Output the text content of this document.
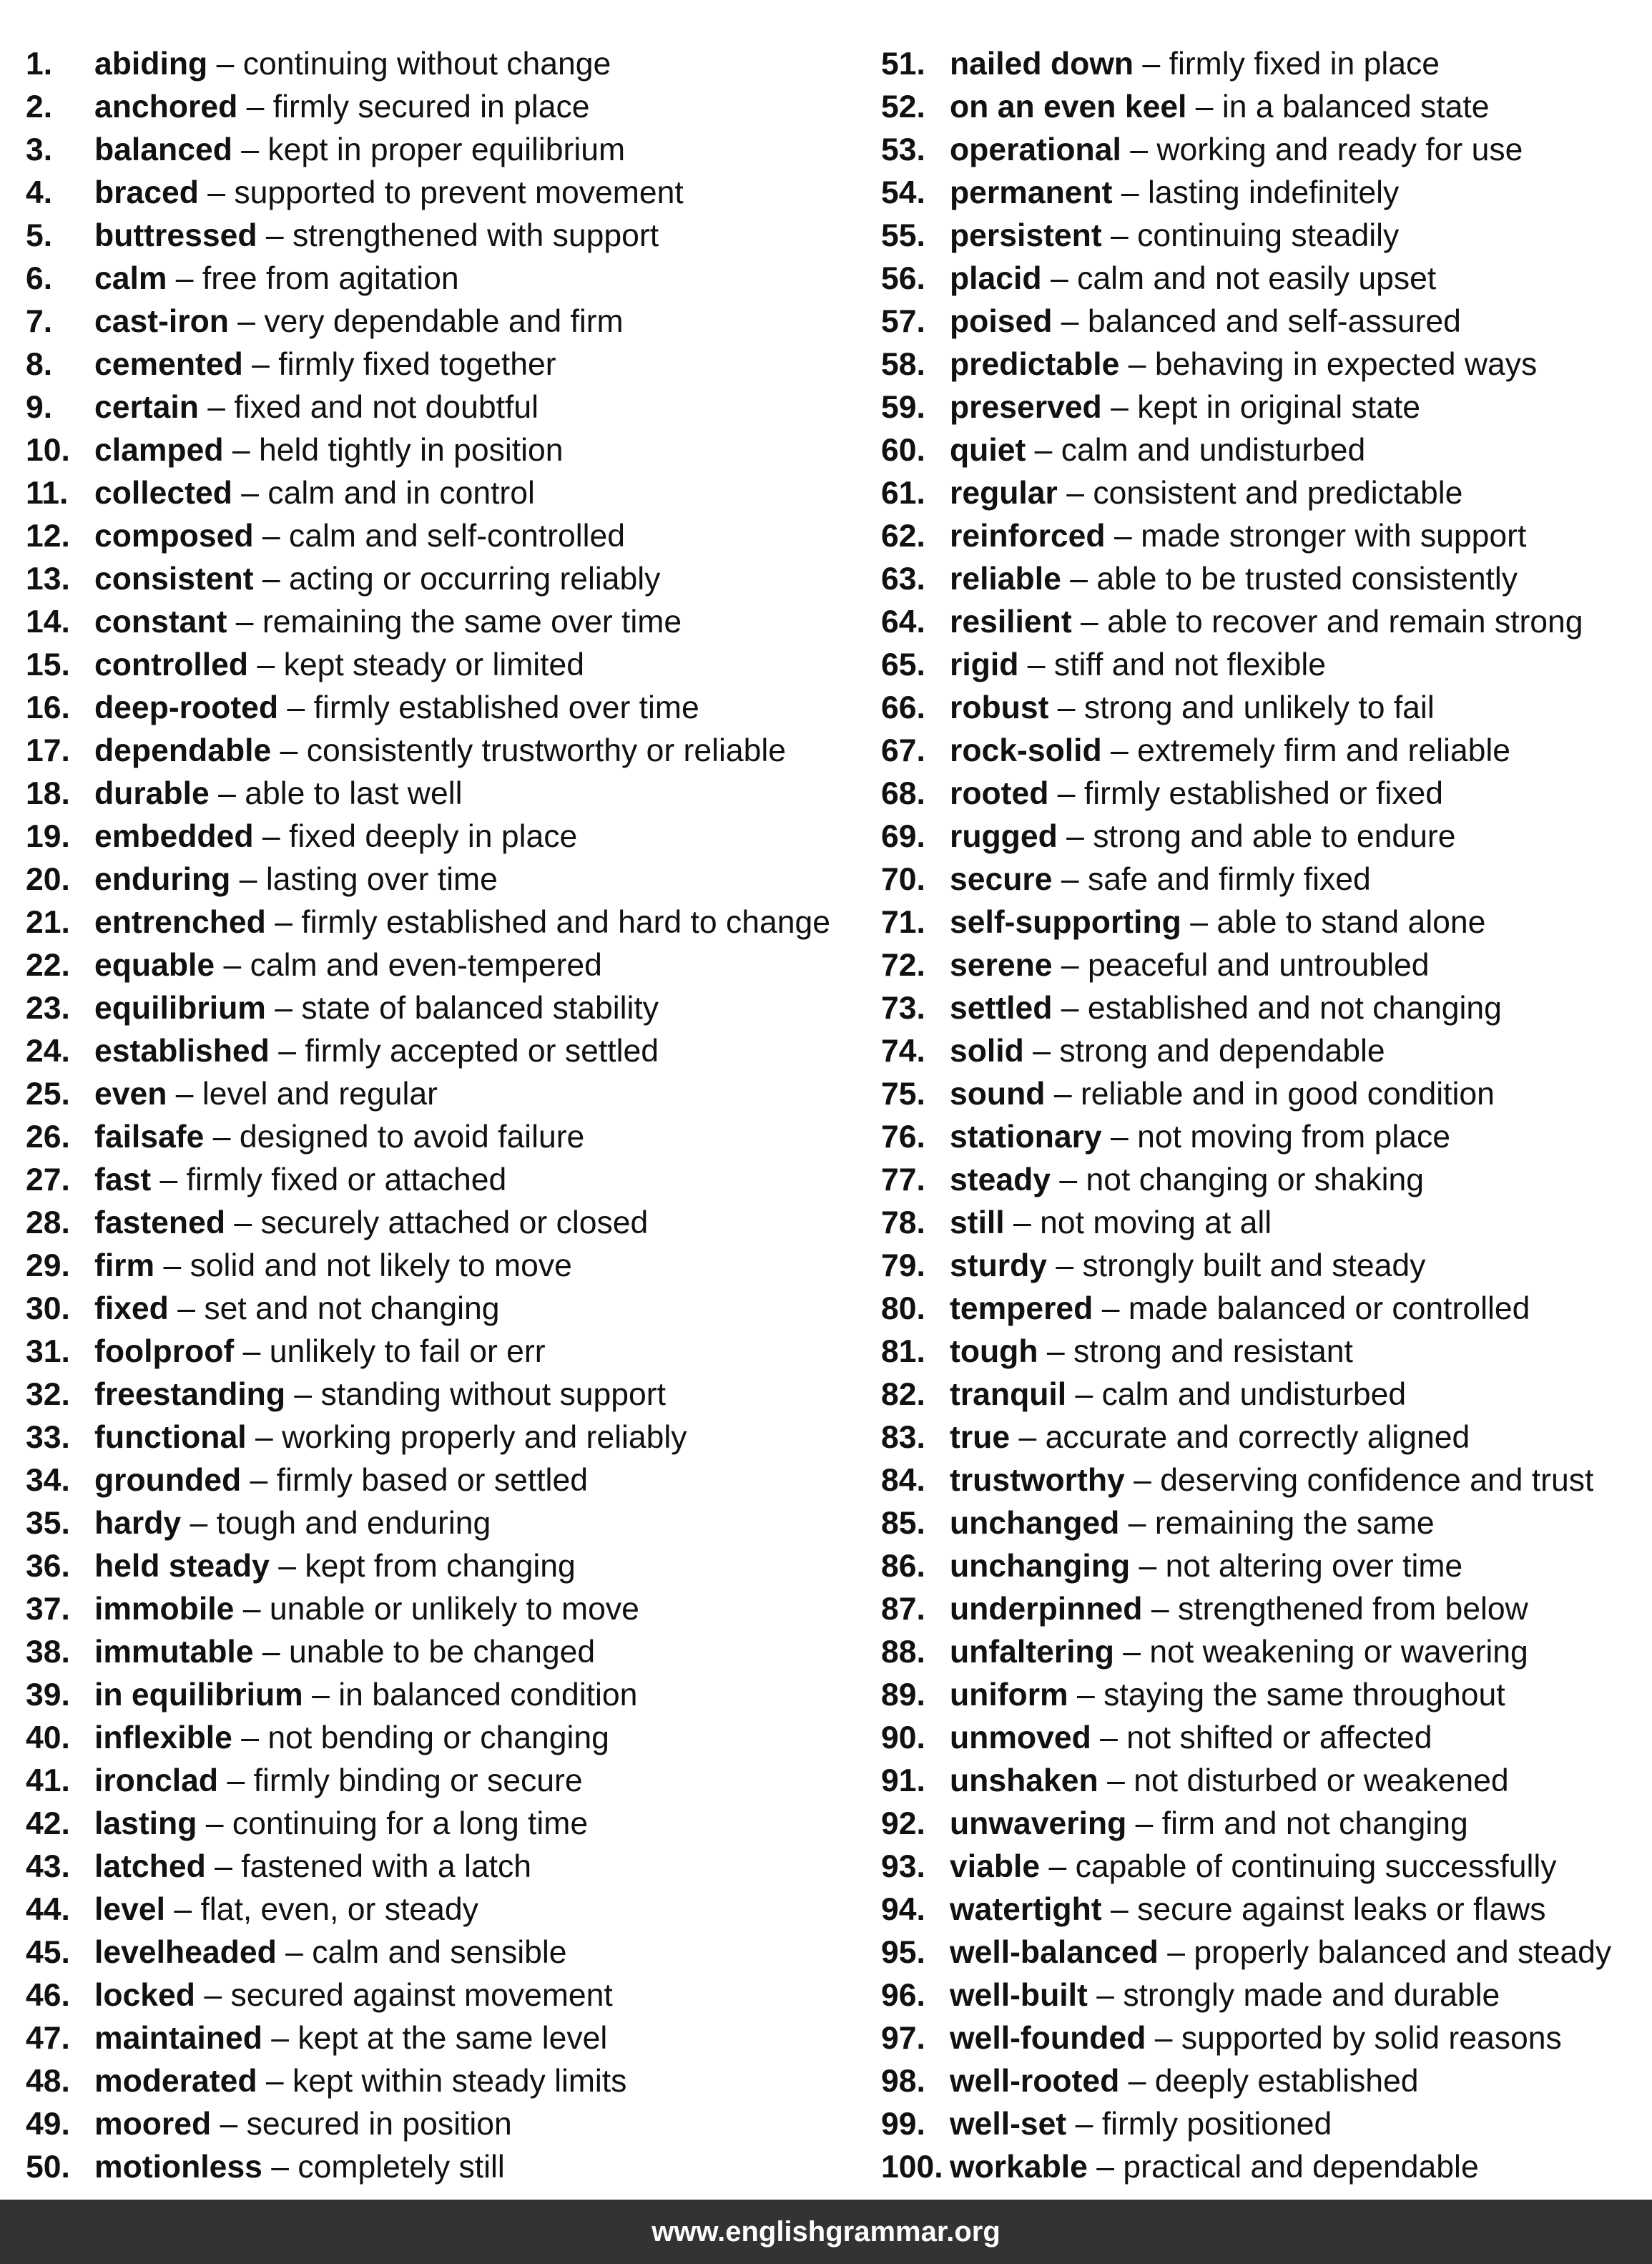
1. abiding – continuing without change
2. anchored – firmly secured in place
3. balanced – kept in proper equilibrium
4. braced – supported to prevent movement
5. buttressed – strengthened with support
6. calm – free from agitation
7. cast-iron – very dependable and firm
8. cemented – firmly fixed together
9. certain – fixed and not doubtful
10. clamped – held tightly in position
11. collected – calm and in control
12. composed – calm and self-controlled
13. consistent – acting or occurring reliably
14. constant – remaining the same over time
15. controlled – kept steady or limited
16. deep-rooted – firmly established over time
17. dependable – consistently trustworthy or reliable
18. durable – able to last well
19. embedded – fixed deeply in place
20. enduring – lasting over time
21. entrenched – firmly established and hard to change
22. equable – calm and even-tempered
23. equilibrium – state of balanced stability
24. established – firmly accepted or settled
25. even – level and regular
26. failsafe – designed to avoid failure
27. fast – firmly fixed or attached
28. fastened – securely attached or closed
29. firm – solid and not likely to move
30. fixed – set and not changing
31. foolproof – unlikely to fail or err
32. freestanding – standing without support
33. functional – working properly and reliably
34. grounded – firmly based or settled
35. hardy – tough and enduring
36. held steady – kept from changing
37. immobile – unable or unlikely to move
38. immutable – unable to be changed
39. in equilibrium – in balanced condition
40. inflexible – not bending or changing
41. ironclad – firmly binding or secure
42. lasting – continuing for a long time
43. latched – fastened with a latch
44. level – flat, even, or steady
45. levelheaded – calm and sensible
46. locked – secured against movement
47. maintained – kept at the same level
48. moderated – kept within steady limits
49. moored – secured in position
50. motionless – completely still
51. nailed down – firmly fixed in place
52. on an even keel – in a balanced state
53. operational – working and ready for use
54. permanent – lasting indefinitely
55. persistent – continuing steadily
56. placid – calm and not easily upset
57. poised – balanced and self-assured
58. predictable – behaving in expected ways
59. preserved – kept in original state
60. quiet – calm and undisturbed
61. regular – consistent and predictable
62. reinforced – made stronger with support
63. reliable – able to be trusted consistently
64. resilient – able to recover and remain strong
65. rigid – stiff and not flexible
66. robust – strong and unlikely to fail
67. rock-solid – extremely firm and reliable
68. rooted – firmly established or fixed
69. rugged – strong and able to endure
70. secure – safe and firmly fixed
71. self-supporting – able to stand alone
72. serene – peaceful and untroubled
73. settled – established and not changing
74. solid – strong and dependable
75. sound – reliable and in good condition
76. stationary – not moving from place
77. steady – not changing or shaking
78. still – not moving at all
79. sturdy – strongly built and steady
80. tempered – made balanced or controlled
81. tough – strong and resistant
82. tranquil – calm and undisturbed
83. true – accurate and correctly aligned
84. trustworthy – deserving confidence and trust
85. unchanged – remaining the same
86. unchanging – not altering over time
87. underpinned – strengthened from below
88. unfaltering – not weakening or wavering
89. uniform – staying the same throughout
90. unmoved – not shifted or affected
91. unshaken – not disturbed or weakened
92. unwavering – firm and not changing
93. viable – capable of continuing successfully
94. watertight – secure against leaks or flaws
95. well-balanced – properly balanced and steady
96. well-built – strongly made and durable
97. well-founded – supported by solid reasons
98. well-rooted – deeply established
99. well-set – firmly positioned
100. workable – practical and dependable
www.englishgrammar.org
